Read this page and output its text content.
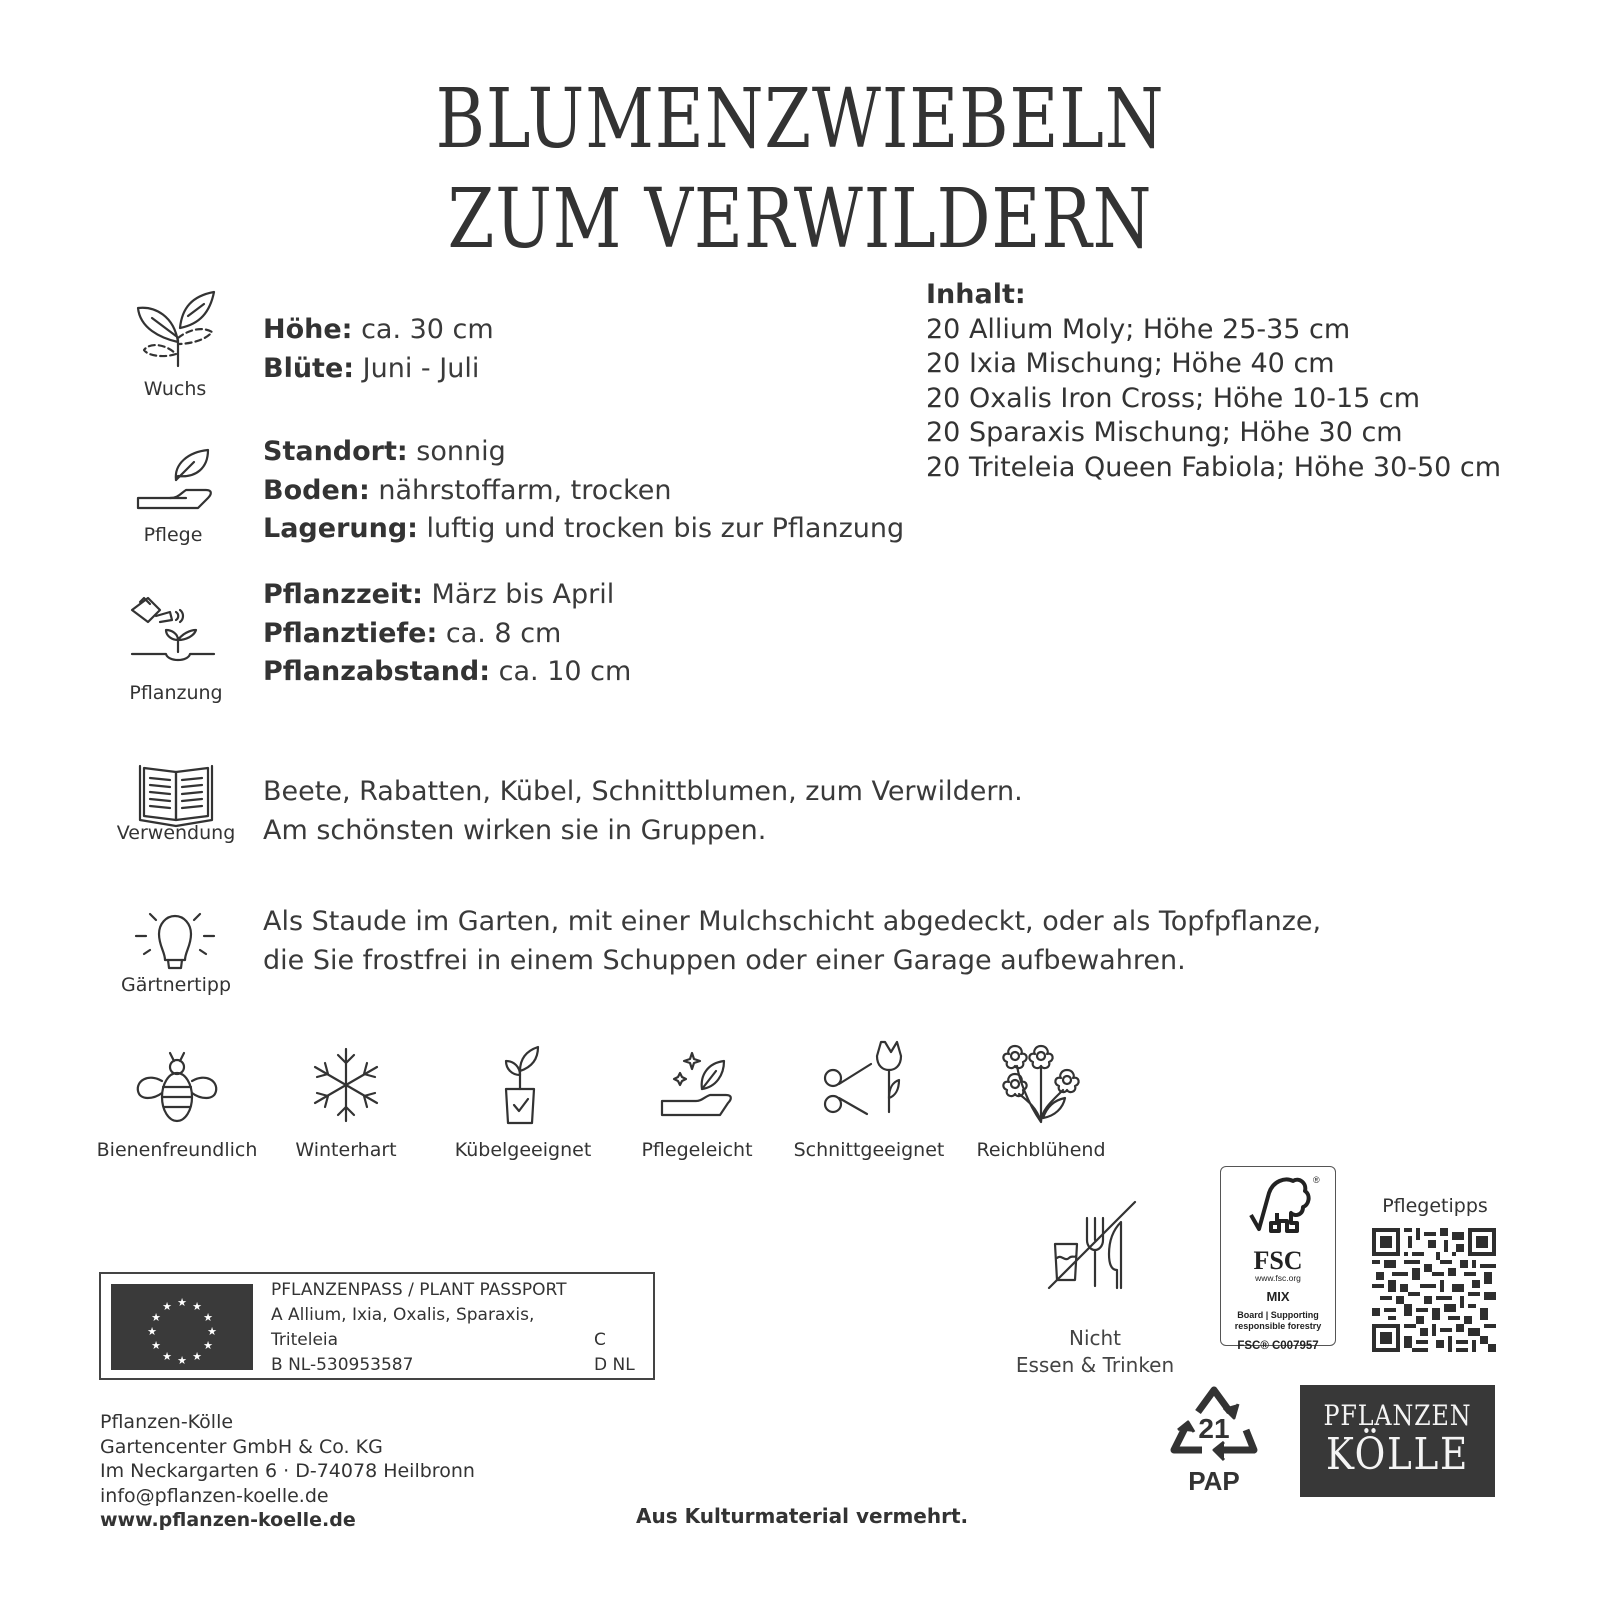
BLUMENZWIEBELN
ZUM VERWILDERN
Wuchs
Höhe: ca. 30 cm
Blüte: Juni - Juli
Pflege
Standort: sonnig
Boden: nährstoffarm, trocken
Lagerung: luftig und trocken bis zur Pflanzung
Pflanzung
Pflanzzeit: März bis April
Pflanztiefe: ca. 8 cm
Pflanzabstand: ca. 10 cm
Verwendung
Beete, Rabatten, Kübel, Schnittblumen, zum Verwildern.
Am schönsten wirken sie in Gruppen.
Gärtnertipp
Als Staude im Garten, mit einer Mulchschicht abgedeckt, oder als Topfpflanze,
die Sie frostfrei in einem Schuppen oder einer Garage aufbewahren.
Inhalt:
20 Allium Moly; Höhe 25-35 cm
20 Ixia Mischung; Höhe 40 cm
20 Oxalis Iron Cross; Höhe 10-15 cm
20 Sparaxis Mischung; Höhe 30 cm
20 Triteleia Queen Fabiola; Höhe 30-50 cm
Bienenfreundlich	Winterhart	Kübelgeeignet	Pflegeleicht	Schnittgeeignet	Reichblühend
★ ★
★
★
★
★
★
★
★
★
★
★
PFLANZENPASS / PLANT PASSPORT
A Allium, Ixia, Oxalis, Sparaxis,
Triteleia
B NL-530953587
C
D NL
Nicht
Essen & Trinken
®
FSC
www.fsc.org
MIX
Board | Supporting
responsible forestry
FSC® C007957
Pflegetipps
Pflanzen-Kölle
Gartencenter GmbH & Co. KG
Im Neckargarten 6 · D-74078 Heilbronn
info@pflanzen-koelle.de
www.pflanzen-koelle.de	Aus Kulturmaterial vermehrt.
21
PAP
PFLANZEN
KÖLLE
